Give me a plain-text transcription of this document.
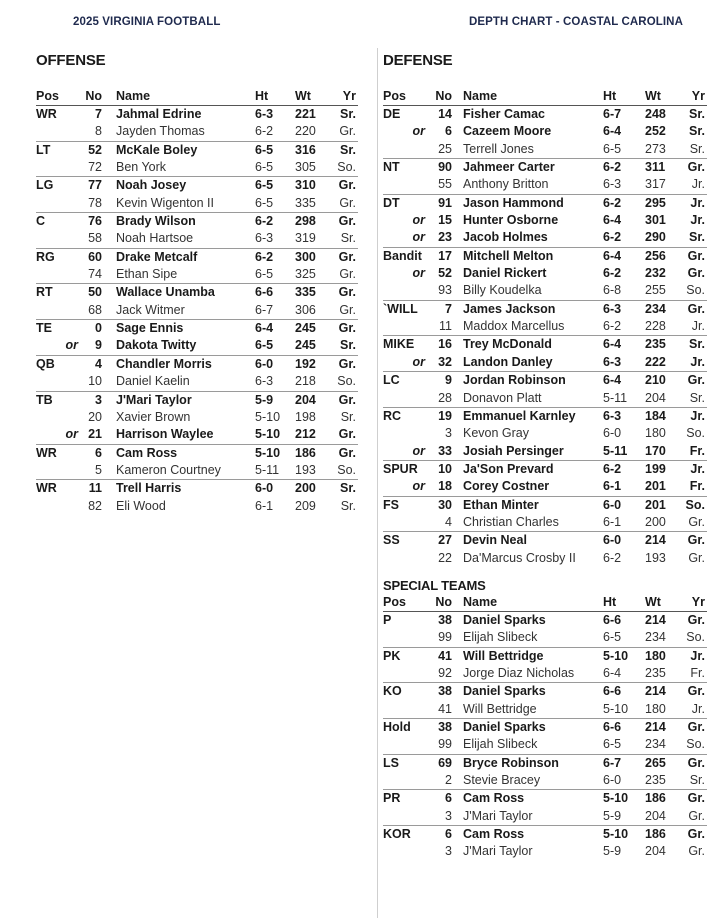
2025 VIRGINIA FOOTBALL	DEPTH CHART - COASTAL CAROLINA
OFFENSE	DEFENSE
SPECIAL TEAMS
Pos	No Name	Ht Wt	Yr
WR	7 Jahmal Edrine	6-3 221	Sr.
8 Jayden Thomas	6-2 220	Gr.
LT	52 McKale Boley	6-5 316	Sr.
72 Ben York	6-5 305	So.
LG	77 Noah Josey	6-5 310	Gr.
78 Kevin Wigenton II	6-5 335	Gr.
C	76 Brady Wilson	6-2 298	Gr.
58 Noah Hartsoe	6-3 319	Sr.
RG	60 Drake Metcalf	6-2 300	Gr.
74 Ethan Sipe	6-5 325	Gr.
RT	50 Wallace Unamba	6-6 335	Gr.
68 Jack Witmer	6-7 306	Gr.
TE	0 Sage Ennis	6-4 245	Gr.
or	9 Dakota Twitty	6-5 245	Sr.
QB	4 Chandler Morris	6-0 192	Gr.
10 Daniel Kaelin	6-3 218	So.
TB	3 J'Mari Taylor	5-9 204	Gr.
20 Xavier Brown	5-10 198	Sr.
or 21 Harrison Waylee	5-10 212	Gr.
WR	6 Cam Ross	5-10 186	Gr.
5 Kameron Courtney	5-11 193	So.
WR	11 Trell Harris	6-0 200	Sr.
82 Eli Wood	6-1 209	Sr.
Pos	No Name	Ht Wt	Yr
DE	14 Fisher Camac	6-7 248	Sr.
or	6 Cazeem Moore	6-4 252	Sr.
25 Terrell Jones	6-5 273	Sr.
NT	90 Jahmeer Carter	6-2 311	Gr.
55 Anthony Britton	6-3 317	Jr.
DT	91 Jason Hammond	6-2 295	Jr.
or	15 Hunter Osborne	6-4 301	Jr.
or	23 Jacob Holmes	6-2 290	Sr.
Bandit	17 Mitchell Melton	6-4 256	Gr.
or	52 Daniel Rickert	6-2 232	Gr.
93 Billy Koudelka	6-8 255	So.
`WILL	7 James Jackson	6-3 234	Gr.
11 Maddox Marcellus	6-2 228	Jr.
MIKE	16 Trey McDonald	6-4 235	Sr.
or	32 Landon Danley	6-3 222	Jr.
LC	9 Jordan Robinson	6-4 210	Gr.
28 Donavon Platt	5-11 204	Sr.
RC	19 Emmanuel Karnley 6-3 184	Jr.
3 Kevon Gray	6-0 180	So.
or	33 Josiah Persinger	5-11 170	Fr.
SPUR	10 Ja'Son Prevard	6-2 199	Jr.
or	18 Corey Costner	6-1 201	Fr.
FS	30 Ethan Minter	6-0 201	So.
4 Christian Charles	6-1 200	Gr.
SS	27 Devin Neal	6-0 214	Gr.
22 Da'Marcus Crosby II 6-2 193	Gr.
Pos	No Name	Ht Wt	Yr
P	38 Daniel Sparks	6-6 214	Gr.
99 Elijah Slibeck	6-5 234	So.
PK	41 Will Bettridge	5-10 180	Jr.
92 Jorge Diaz Nicholas 6-4 235	Fr.
KO	38 Daniel Sparks	6-6 214	Gr.
41 Will Bettridge	5-10 180	Jr.
Hold	38 Daniel Sparks	6-6 214	Gr.
99 Elijah Slibeck	6-5 234	So.
LS	69 Bryce Robinson	6-7 265	Gr.
2 Stevie Bracey	6-0 235	Sr.
PR	6 Cam Ross	5-10 186	Gr.
3 J'Mari Taylor	5-9 204	Gr.
KOR	6 Cam Ross	5-10 186	Gr.
3 J'Mari Taylor	5-9 204	Gr.
